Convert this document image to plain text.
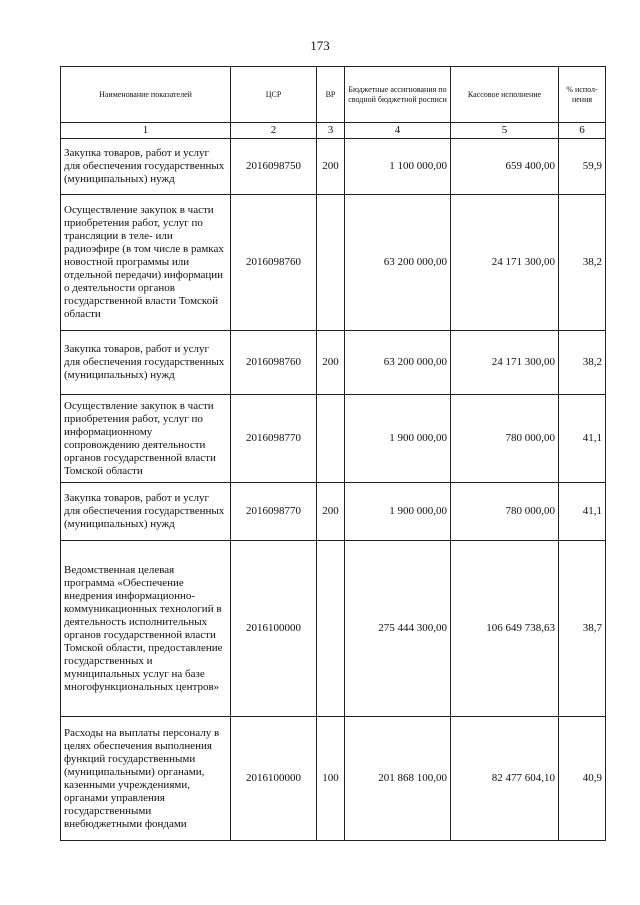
173
Наименование показателей	ЦСР	ВР	Бюджетные ассигнования по сводной бюджетной росписи	Кассовое исполнение	% испол-нения
1	2	3	4	5	6
Закупка товаров, работ и услуг для обеспечения государственных (муниципальных) нужд	2016098750	200	1 100 000,00	659 400,00	59,9
Осуществление закупок в части приобретения работ, услуг по трансляции в теле- или радиоэфире (в том числе в рамках новостной программы или отдельной передачи) информации о деятельности органов государственной власти Томской области	2016098760		63 200 000,00	24 171 300,00	38,2
Закупка товаров, работ и услуг для обеспечения государственных (муниципальных) нужд	2016098760	200	63 200 000,00	24 171 300,00	38,2
Осуществление закупок в части приобретения работ, услуг по информационному сопровождению деятельности органов государственной власти Томской области	2016098770		1 900 000,00	780 000,00	41,1
Закупка товаров, работ и услуг для обеспечения государственных (муниципальных) нужд	2016098770	200	1 900 000,00	780 000,00	41,1
Ведомственная целевая программа «Обеспечение внедрения информационно-коммуникационных технологий в деятельность исполнительных органов государственной власти Томской области, предоставление государственных и муниципальных услуг на базе многофункциональных центров»	2016100000		275 444 300,00	106 649 738,63	38,7
Расходы на выплаты персоналу в целях обеспечения выполнения функций государственными (муниципальными) органами, казенными учреждениями, органами управления государственными внебюджетными фондами	2016100000	100	201 868 100,00	82 477 604,10	40,9
